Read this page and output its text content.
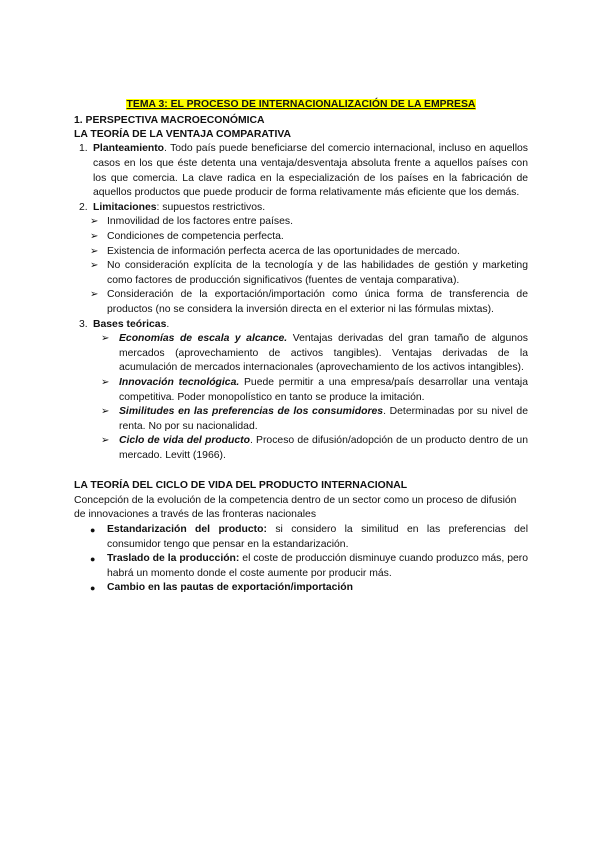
TEMA 3: EL PROCESO DE INTERNACIONALIZACIÓN DE LA EMPRESA
1. PERSPECTIVA MACROECONÓMICA
LA TEORÍA DE LA VENTAJA COMPARATIVA
1. Planteamiento. Todo país puede beneficiarse del comercio internacional, incluso en aquellos casos en los que éste detenta una ventaja/desventaja absoluta frente a aquellos países con los que comercia. La clave radica en la especialización de los países en la fabricación de aquellos productos que puede producir de forma relativamente más eficiente que los demás.
2. Limitaciones: supuestos restrictivos.
➢ Inmovilidad de los factores entre países.
➢ Condiciones de competencia perfecta.
➢ Existencia de información perfecta acerca de las oportunidades de mercado.
➢ No consideración explícita de la tecnología y de las habilidades de gestión y marketing como factores de producción significativos (fuentes de ventaja comparativa).
➢ Consideración de la exportación/importación como única forma de transferencia de productos (no se considera la inversión directa en el exterior ni las fórmulas mixtas).
3. Bases teóricas.
➢ Economías de escala y alcance. Ventajas derivadas del gran tamaño de algunos mercados (aprovechamiento de activos tangibles). Ventajas derivadas de la acumulación de mercados internacionales (aprovechamiento de los activos intangibles).
➢ Innovación tecnológica. Puede permitir a una empresa/país desarrollar una ventaja competitiva. Poder monopolístico en tanto se produce la imitación.
➢ Similitudes en las preferencias de los consumidores. Determinadas por su nivel de renta. No por su nacionalidad.
➢ Ciclo de vida del producto. Proceso de difusión/adopción de un producto dentro de un mercado. Levitt (1966).
LA TEORÍA DEL CICLO DE VIDA DEL PRODUCTO INTERNACIONAL
Concepción de la evolución de la competencia dentro de un sector como un proceso de difusión de innovaciones a través de las fronteras nacionales
● Estandarización del producto: si considero la similitud en las preferencias del consumidor tengo que pensar en la estandarización.
● Traslado de la producción: el coste de producción disminuye cuando produzco más, pero habrá un momento donde el coste aumente por producir más.
● Cambio en las pautas de exportación/importación
